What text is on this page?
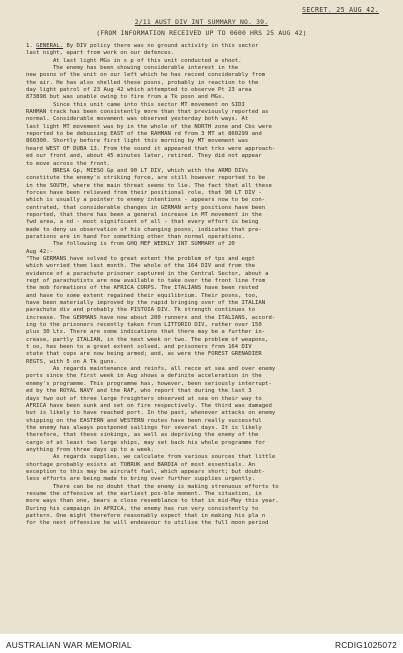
SECRET. 25 AUG 42.
2/11 AUST DIV INT SUMMARY NO. 39.
(FROM INFORMATION RECEIVED UP TO 0600 HRS 25 AUG 42)

1. GENERAL. By DIV policy there was no ground activity in this sector

last night, apart from work on our defences.

At last light MGs in s p of this unit conducted a shoot.

The enemy has been showing considerable interest in the

new posns of the unit on our left which he has recced considerably from

the air. He has also shelled these posns, probably in reaction to the

day light patrol of 23 Aug 42 which attempted to observe Pt 23 area

873898 but was unable owing to fire from a Tk posn and MGs.

Since this unit came into this sector MT movement on SIDI

RAHMAN track has been consistently more than that previously reported as

normal. Considerable movement was observed yesterday both ways. At

last light MT movement was by in the whole of the NORTH zone and Cbs were

reported to be debussing EAST of the RAHMAN rd from 3 MT at 860299 and

860300. Shortly before first light this morning by MT movement was

heard WEST OF DUBA 13. From the sound it appeared that trks were approach-

ed our front and, about 45 minutes later, retired. They did not appear

to move across the front.

BRESA Gp, MIESO Gp and 90 LT DIV, which with the ARMD DIVs

constitute the enemy's striking force, are still however reported to be

in the SOUTH, where the main threat seems to lie. The fact that all these

forces have been relieved from their positional role, that 90 LT DIV -

which is usually a pointer to enemy intentions - appears now to be con-

centrated, that considerable changes in GERMAN arty positions have been

reported, that there has been a general increase in MT movement in the

fwd area, a nd - most significant of all - that every effort is being

made to deny us observation of his changing posns, indicates that pre-

parations are in hand for something other than normal operations.

The following is from GHQ MEF WEEKLY INT SUMMARY of 20

Aug 42:-

"The GERMANS have solved to great extent the problem of tps and eqpt

which worried them last month. The whole of the 164 DIV and from the

evidence of a parachute prisoner captured in the Central Sector, about a

regt of parachutists are now available to take over the front line from

the mob formations of the AFRICA CORPS. The ITALIANS have been rested

and have to some extent regained their equilibrium. Their posns, too,

have been materially improved by the rapid bringing over of the ITALIAN

parachute div and probably the PISTOIA DIV. Tk strength continues to

increase. The GERMANS have now about 200 runners and the ITALIANS, accord-

ing to the prisoners recently taken from LITTORIO DIV, rather over 150

plus 30 Lts. There are some indications that there may be a further in-

crease, partly ITALIAN, in the next week or two. The problem of weapons,

t oo, has been to a great extent solved, and prisoners from 164 DIV

state that cops are now being armed; and, as were the FOREST GRENADIER

REGTS, with 5 on A Tk guns.

As regards maintenance and reinfs, all recce at sea and over enemy

ports since the first week in Aug shows a definite acceleration in the

enemy's programme. This programme has, however, been seriously interrupt-

ed by the ROYAL NAVY and the RAF, who report that during the last 3

days two out of three large freighters observed at sea on their way to

AFRICA have been sunk and set on fire respectively. The third was damaged

but is likely to have reached port. In the past, whenever attacks on enemy

shipping on the EASTERN and WESTERN routes have been really successful

the enemy has always postponed sailings for several days. It is likely

therefore, that these sinkings, as well as depriving the enemy of the

cargo of at least two large ships, may set back his whole programme for

anything from three days up to a week.

As regards supplies, we calculate from various sources that little

shortage probably exists at TOBRUK and BARDIA of most essentials. An

exception to this may be aircraft fuel, which appears short; but doubt-

less efforts are being made to bring over further supplies urgently.

There can be no doubt that the enemy is making strenuous efforts to

resume the offensive at the earliest pos-ble moment. The situation, in

more ways than one, bears a close resemblance to that in mid-May this year.

During his campaign in AFRICA, the enemy has run very consistently to

pattern. One might therefore reasonably expect that in making his pla n

for the next offensive he will endeavour to utilise the full moon period

AUSTRALIAN WAR MEMORIAL	RCDIG1025072
